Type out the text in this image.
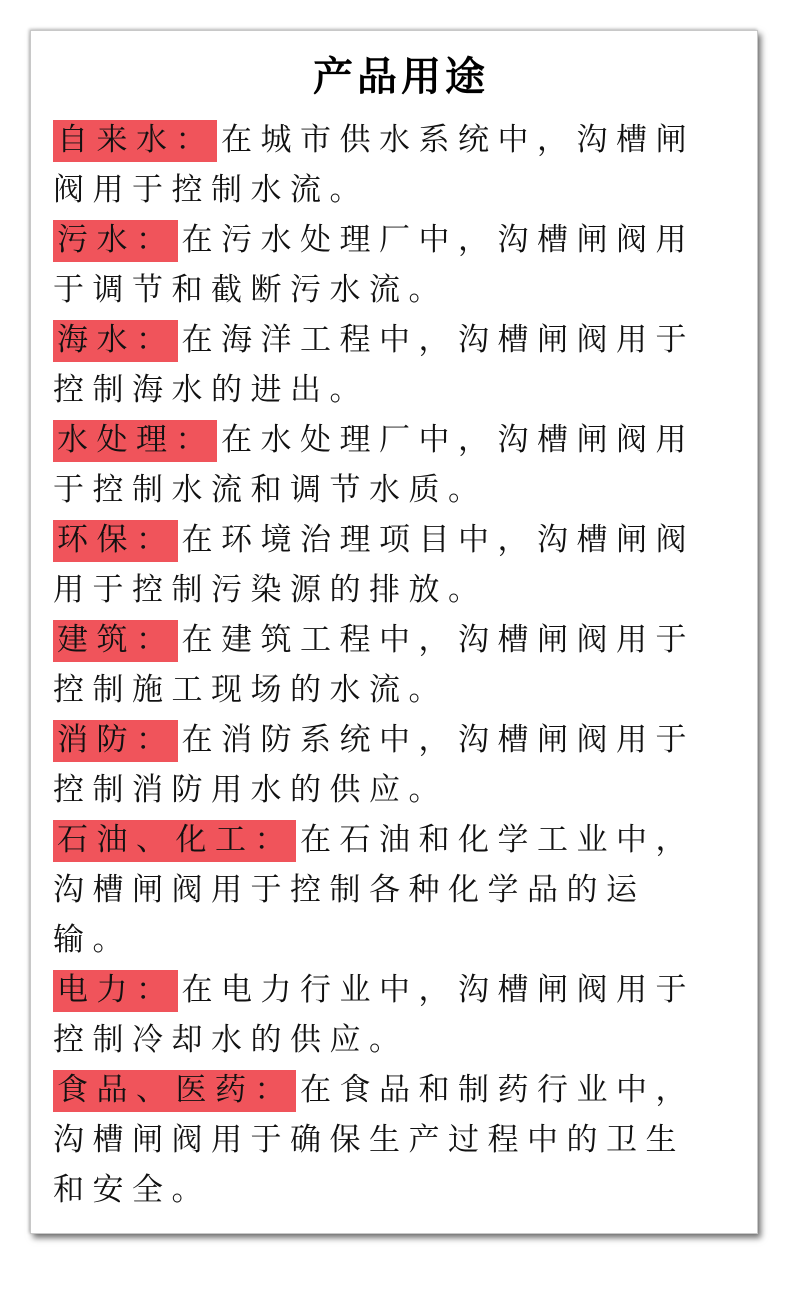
产品用途

自来水： 在城市供水系统中，沟槽闸阀用于控制水流。

污水： 在污水处理厂中，沟槽闸阀用于调节和截断污水流。

海水： 在海洋工程中，沟槽闸阀用于控制海水的进出。

水处理： 在水处理厂中，沟槽闸阀用于控制水流和调节水质。

环保： 在环境治理项目中，沟槽闸阀用于控制污染源的排放。

建筑： 在建筑工程中，沟槽闸阀用于控制施工现场的水流。

消防： 在消防系统中，沟槽闸阀用于控制消防用水的供应。

石油、化工： 在石油和化学工业中，沟槽闸阀用于控制各种化学品的运输。

电力： 在电力行业中，沟槽闸阀用于控制冷却水的供应。

食品、医药： 在食品和制药行业中，沟槽闸阀用于确保生产过程中的卫生和安全。
